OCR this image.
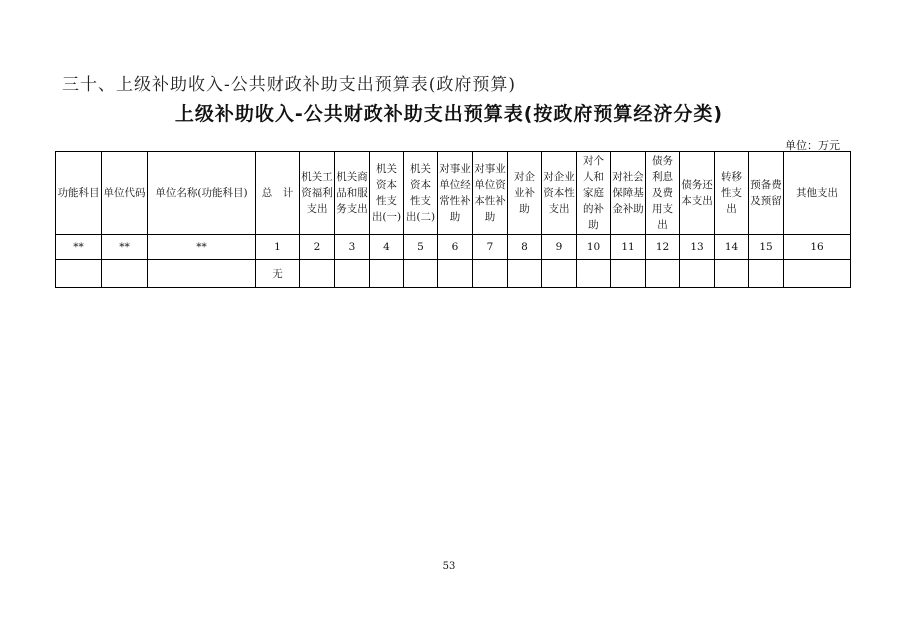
三十、上级补助收入-公共财政补助支出预算表(政府预算)
上级补助收入-公共财政补助支出预算表(按政府预算经济分类)
单位：万元
功能科目	单位代码	单位名称(功能科目)	总　计	机关工资福利支出	机关商品和服务支出	机关资本性支出(一)	机关资本性支出(二)	对事业单位经常性补助	对事业单位资本性补助	对企业补助	对企业资本性支出	对个人和家庭的补助	对社会保障基金补助	债务利息及费用支出	债务还本支出	转移性支出	预备费及预留	其他支出
**	**	**	1	2	3	4	5	6	7	8	9	10	11	12	13	14	15	16
			无															
53
